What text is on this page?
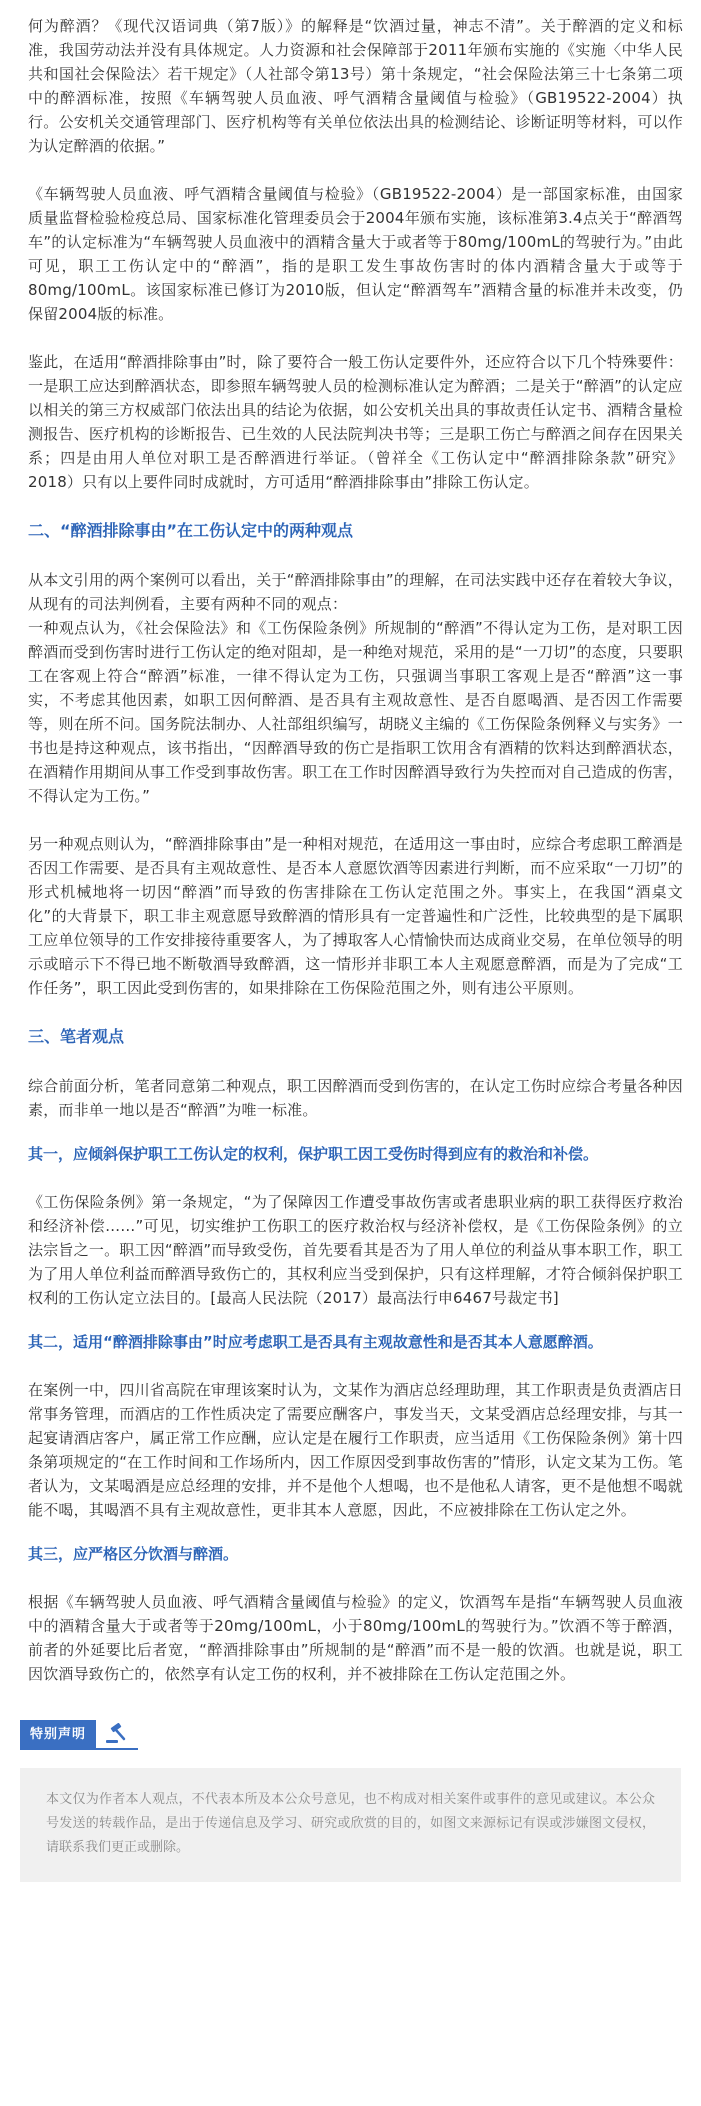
何为醉酒？《现代汉语词典（第7版）》的解释是“饮酒过量，神志不清”。关于醉酒的定义和标准，我国劳动法并没有具体规定。人力资源和社会保障部于2011年颁布实施的《实施〈中华人民共和国社会保险法〉若干规定》（人社部令第13号）第十条规定，“社会保险法第三十七条第二项中的醉酒标准，按照《车辆驾驶人员血液、呼气酒精含量阈值与检验》（GB19522-2004）执行。公安机关交通管理部门、医疗机构等有关单位依法出具的检测结论、诊断证明等材料，可以作为认定醉酒的依据。”

《车辆驾驶人员血液、呼气酒精含量阈值与检验》（GB19522-2004）是一部国家标准，由国家质量监督检验检疫总局、国家标准化管理委员会于2004年颁布实施，该标准第3.4点关于“醉酒驾车”的认定标准为“车辆驾驶人员血液中的酒精含量大于或者等于80mg/100mL的驾驶行为。”由此可见，职工工伤认定中的“醉酒”，指的是职工发生事故伤害时的体内酒精含量大于或等于80mg/100mL。该国家标准已修订为2010版，但认定“醉酒驾车”酒精含量的标准并未改变，仍保留2004版的标准。

鉴此，在适用“醉酒排除事由”时，除了要符合一般工伤认定要件外，还应符合以下几个特殊要件：一是职工应达到醉酒状态，即参照车辆驾驶人员的检测标准认定为醉酒；二是关于“醉酒”的认定应以相关的第三方权威部门依法出具的结论为依据，如公安机关出具的事故责任认定书、酒精含量检测报告、医疗机构的诊断报告、已生效的人民法院判决书等；三是职工伤亡与醉酒之间存在因果关系；四是由用人单位对职工是否醉酒进行举证。（曾祥全《工伤认定中“醉酒排除条款”研究》2018）只有以上要件同时成就时，方可适用“醉酒排除事由”排除工伤认定。

二、“醉酒排除事由”在工伤认定中的两种观点

从本文引用的两个案例可以看出，关于“醉酒排除事由”的理解，在司法实践中还存在着较大争议，从现有的司法判例看，主要有两种不同的观点：

一种观点认为，《社会保险法》和《工伤保险条例》所规制的“醉酒”不得认定为工伤，是对职工因醉酒而受到伤害时进行工伤认定的绝对阻却，是一种绝对规范，采用的是“一刀切”的态度，只要职工在客观上符合“醉酒”标准，一律不得认定为工伤，只强调当事职工客观上是否“醉酒”这一事实，不考虑其他因素，如职工因何醉酒、是否具有主观故意性、是否自愿喝酒、是否因工作需要等，则在所不问。国务院法制办、人社部组织编写，胡晓义主编的《工伤保险条例释义与实务》一书也是持这种观点，该书指出，“因醉酒导致的伤亡是指职工饮用含有酒精的饮料达到醉酒状态，在酒精作用期间从事工作受到事故伤害。职工在工作时因醉酒导致行为失控而对自己造成的伤害，不得认定为工伤。”

另一种观点则认为，“醉酒排除事由”是一种相对规范，在适用这一事由时，应综合考虑职工醉酒是否因工作需要、是否具有主观故意性、是否本人意愿饮酒等因素进行判断，而不应采取“一刀切”的形式机械地将一切因“醉酒”而导致的伤害排除在工伤认定范围之外。事实上，在我国“酒桌文化”的大背景下，职工非主观意愿导致醉酒的情形具有一定普遍性和广泛性，比较典型的是下属职工应单位领导的工作安排接待重要客人，为了搏取客人心情愉快而达成商业交易，在单位领导的明示或暗示下不得已地不断敬酒导致醉酒，这一情形并非职工本人主观愿意醉酒，而是为了完成“工作任务”，职工因此受到伤害的，如果排除在工伤保险范围之外，则有违公平原则。

三、笔者观点

综合前面分析，笔者同意第二种观点，职工因醉酒而受到伤害的，在认定工伤时应综合考量各种因素，而非单一地以是否“醉酒”为唯一标准。

其一，应倾斜保护职工工伤认定的权利，保护职工因工受伤时得到应有的救治和补偿。

《工伤保险条例》第一条规定，“为了保障因工作遭受事故伤害或者患职业病的职工获得医疗救治和经济补偿……”可见，切实维护工伤职工的医疗救治权与经济补偿权，是《工伤保险条例》的立法宗旨之一。职工因“醉酒”而导致受伤，首先要看其是否为了用人单位的利益从事本职工作，职工为了用人单位利益而醉酒导致伤亡的，其权利应当受到保护，只有这样理解，才符合倾斜保护职工权利的工伤认定立法目的。[最高人民法院（2017）最高法行申6467号裁定书]

其二，适用“醉酒排除事由”时应考虑职工是否具有主观故意性和是否其本人意愿醉酒。

在案例一中，四川省高院在审理该案时认为，文某作为酒店总经理助理，其工作职责是负责酒店日常事务管理，而酒店的工作性质决定了需要应酬客户，事发当天，文某受酒店总经理安排，与其一起宴请酒店客户，属正常工作应酬，应认定是在履行工作职责，应当适用《工伤保险条例》第十四条第项规定的“在工作时间和工作场所内，因工作原因受到事故伤害的”情形，认定文某为工伤。笔者认为，文某喝酒是应总经理的安排，并不是他个人想喝，也不是他私人请客，更不是他想不喝就能不喝，其喝酒不具有主观故意性，更非其本人意愿，因此，不应被排除在工伤认定之外。

其三，应严格区分饮酒与醉酒。

根据《车辆驾驶人员血液、呼气酒精含量阈值与检验》的定义，饮酒驾车是指“车辆驾驶人员血液中的酒精含量大于或者等于20mg/100mL，小于80mg/100mL的驾驶行为。”饮酒不等于醉酒，前者的外延要比后者宽，“醉酒排除事由”所规制的是“醉酒”而不是一般的饮酒。也就是说，职工因饮酒导致伤亡的，依然享有认定工伤的权利，并不被排除在工伤认定范围之外。

特别声明

本文仅为作者本人观点，不代表本所及本公众号意见，也不构成对相关案件或事件的意见或建议。本公众号发送的转载作品，是出于传递信息及学习、研究或欣赏的目的，如图文来源标记有误或涉嫌图文侵权，请联系我们更正或删除。
